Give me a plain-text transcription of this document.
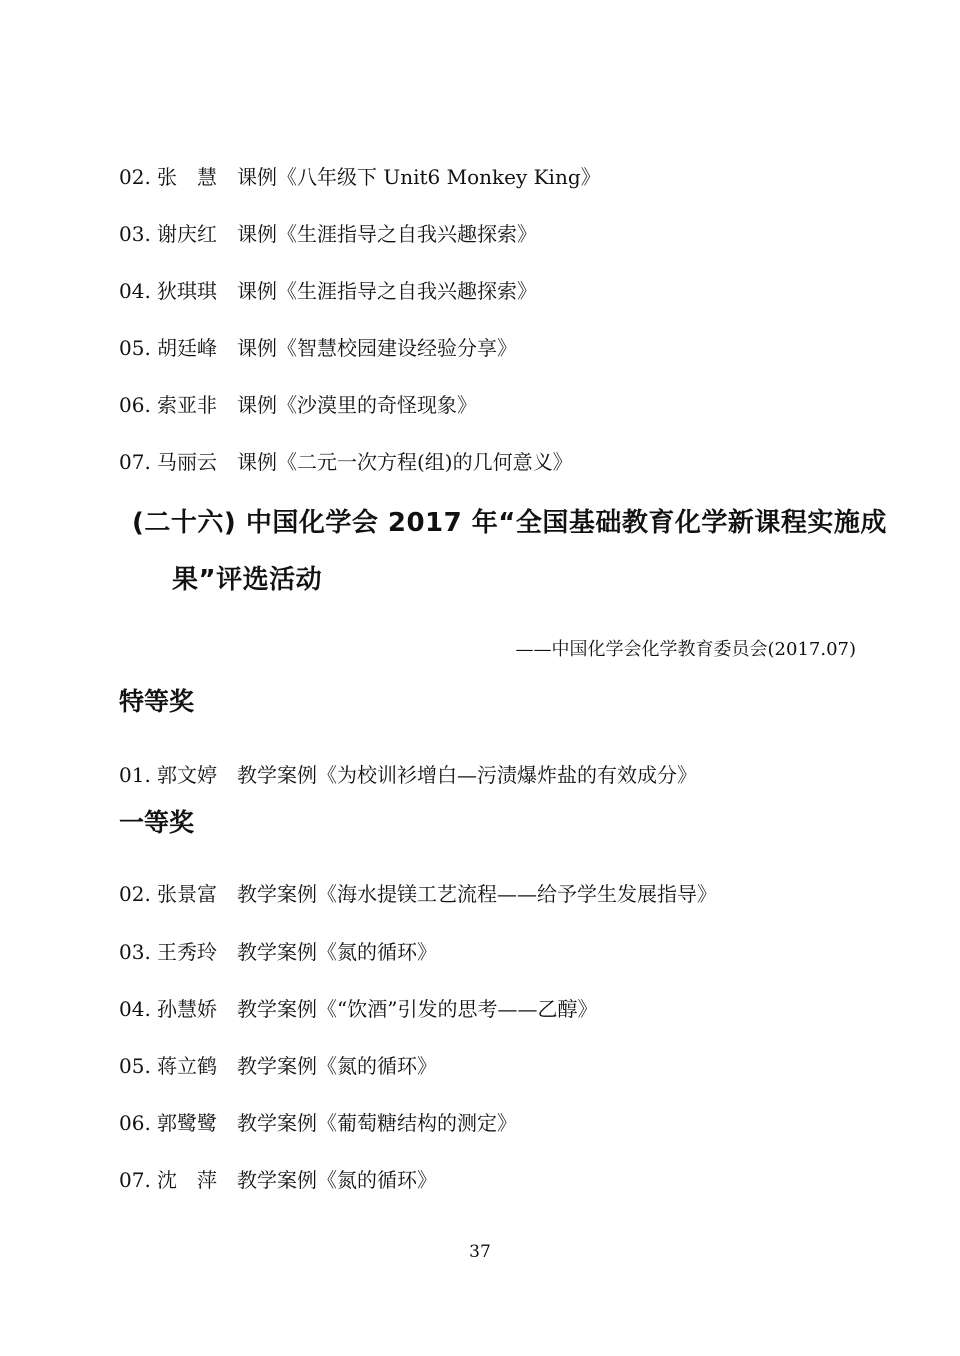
02. 张　慧 课例《八年级下 Unit6 Monkey King》
03. 谢庆红 课例《生涯指导之自我兴趣探索》
04. 狄琪琪 课例《生涯指导之自我兴趣探索》
05. 胡廷峰 课例《智慧校园建设经验分享》
06. 索亚非 课例《沙漠里的奇怪现象》
07. 马丽云 课例《二元一次方程(组)的几何意义》
(二十六) 中国化学会 2017 年“全国基础教育化学新课程实施成
果”评选活动
——中国化学会化学教育委员会(2017.07)
特等奖
01. 郭文婷 教学案例《为校训衫增白—污渍爆炸盐的有效成分》
一等奖
02. 张景富 教学案例《海水提镁工艺流程——给予学生发展指导》
03. 王秀玲 教学案例《氮的循环》
04. 孙慧娇 教学案例《“饮酒”引发的思考——乙醇》
05. 蒋立鹤 教学案例《氮的循环》
06. 郭鹭鹭 教学案例《葡萄糖结构的测定》
07. 沈　萍 教学案例《氮的循环》
37
